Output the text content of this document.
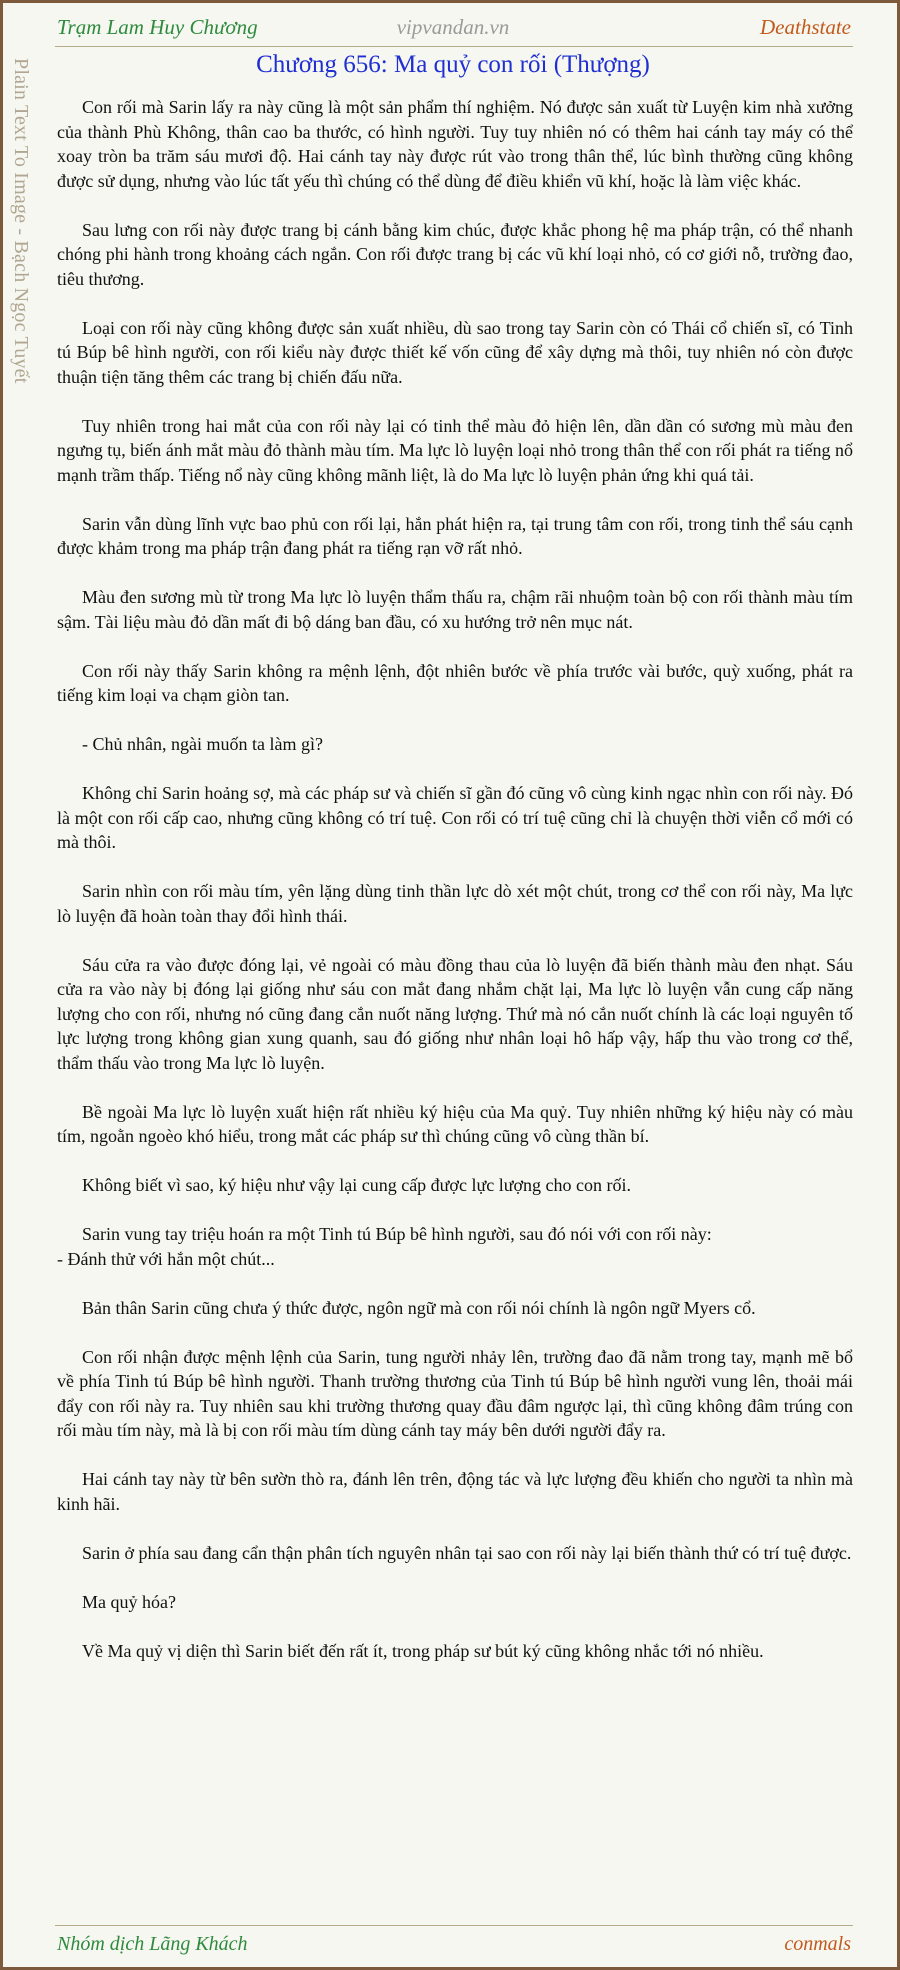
Trạm Lam Huy Chương	vipvandan.vn	Deathstate
Plain Text To Image - Bạch Ngọc Tuyết	Chương 656: Ma quỷ con rối (Thượng)

Con rối mà Sarin lấy ra này cũng là một sản phẩm thí nghiệm. Nó được sản xuất từ Luyện kim nhà xưởng của thành Phù Không, thân cao ba thước, có hình người. Tuy tuy nhiên nó có thêm hai cánh tay máy có thể xoay tròn ba trăm sáu mươi độ. Hai cánh tay này được rút vào trong thân thể, lúc bình thường cũng không được sử dụng, nhưng vào lúc tất yếu thì chúng có thể dùng để điều khiển vũ khí, hoặc là làm việc khác.

Sau lưng con rối này được trang bị cánh bằng kim chúc, được khắc phong hệ ma pháp trận, có thể nhanh chóng phi hành trong khoảng cách ngắn. Con rối được trang bị các vũ khí loại nhỏ, có cơ giới nỗ, trường đao, tiêu thương.

Loại con rối này cũng không được sản xuất nhiều, dù sao trong tay Sarin còn có Thái cổ chiến sĩ, có Tinh tú Búp bê hình người, con rối kiểu này được thiết kế vốn cũng để xây dựng mà thôi, tuy nhiên nó còn được thuận tiện tăng thêm các trang bị chiến đấu nữa.

Tuy nhiên trong hai mắt của con rối này lại có tinh thể màu đỏ hiện lên, dần dần có sương mù màu đen ngưng tụ, biến ánh mắt màu đỏ thành màu tím. Ma lực lò luyện loại nhỏ trong thân thể con rối phát ra tiếng nổ mạnh trầm thấp. Tiếng nổ này cũng không mãnh liệt, là do Ma lực lò luyện phản ứng khi quá tải.

Sarin vẫn dùng lĩnh vực bao phủ con rối lại, hắn phát hiện ra, tại trung tâm con rối, trong tinh thể sáu cạnh được khảm trong ma pháp trận đang phát ra tiếng rạn vỡ rất nhỏ.

Màu đen sương mù từ trong Ma lực lò luyện thẩm thấu ra, chậm rãi nhuộm toàn bộ con rối thành màu tím sậm. Tài liệu màu đỏ dần mất đi bộ dáng ban đầu, có xu hướng trở nên mục nát.

Con rối này thấy Sarin không ra mệnh lệnh, đột nhiên bước về phía trước vài bước, quỳ xuống, phát ra tiếng kim loại va chạm giòn tan.

- Chủ nhân, ngài muốn ta làm gì?

Không chỉ Sarin hoảng sợ, mà các pháp sư và chiến sĩ gần đó cũng vô cùng kinh ngạc nhìn con rối này. Đó là một con rối cấp cao, nhưng cũng không có trí tuệ. Con rối có trí tuệ cũng chỉ là chuyện thời viễn cổ mới có mà thôi.

Sarin nhìn con rối màu tím, yên lặng dùng tinh thần lực dò xét một chút, trong cơ thể con rối này, Ma lực lò luyện đã hoàn toàn thay đổi hình thái.

Sáu cửa ra vào được đóng lại, vẻ ngoài có màu đồng thau của lò luyện đã biến thành màu đen nhạt. Sáu cửa ra vào này bị đóng lại giống như sáu con mắt đang nhắm chặt lại, Ma lực lò luyện vẫn cung cấp năng lượng cho con rối, nhưng nó cũng đang cắn nuốt năng lượng. Thứ mà nó cắn nuốt chính là các loại nguyên tố lực lượng trong không gian xung quanh, sau đó giống như nhân loại hô hấp vậy, hấp thu vào trong cơ thể, thẩm thấu vào trong Ma lực lò luyện.

Bề ngoài Ma lực lò luyện xuất hiện rất nhiều ký hiệu của Ma quỷ. Tuy nhiên những ký hiệu này có màu tím, ngoằn ngoèo khó hiểu, trong mắt các pháp sư thì chúng cũng vô cùng thần bí.

Không biết vì sao, ký hiệu như vậy lại cung cấp được lực lượng cho con rối.

Sarin vung tay triệu hoán ra một Tinh tú Búp bê hình người, sau đó nói với con rối này:
- Đánh thử với hắn một chút...

Bản thân Sarin cũng chưa ý thức được, ngôn ngữ mà con rối nói chính là ngôn ngữ Myers cổ.

Con rối nhận được mệnh lệnh của Sarin, tung người nhảy lên, trường đao đã nằm trong tay, mạnh mẽ bổ về phía Tinh tú Búp bê hình người. Thanh trường thương của Tinh tú Búp bê hình người vung lên, thoải mái đẩy con rối này ra. Tuy nhiên sau khi trường thương quay đầu đâm ngược lại, thì cũng không đâm trúng con rối màu tím này, mà là bị con rối màu tím dùng cánh tay máy bên dưới người đẩy ra.

Hai cánh tay này từ bên sườn thò ra, đánh lên trên, động tác và lực lượng đều khiến cho người ta nhìn mà kinh hãi.

Sarin ở phía sau đang cẩn thận phân tích nguyên nhân tại sao con rối này lại biến thành thứ có trí tuệ được.

Ma quỷ hóa?

Về Ma quỷ vị diện thì Sarin biết đến rất ít, trong pháp sư bút ký cũng không nhắc tới nó nhiều.

Nhóm dịch Lãng Khách	conmals
